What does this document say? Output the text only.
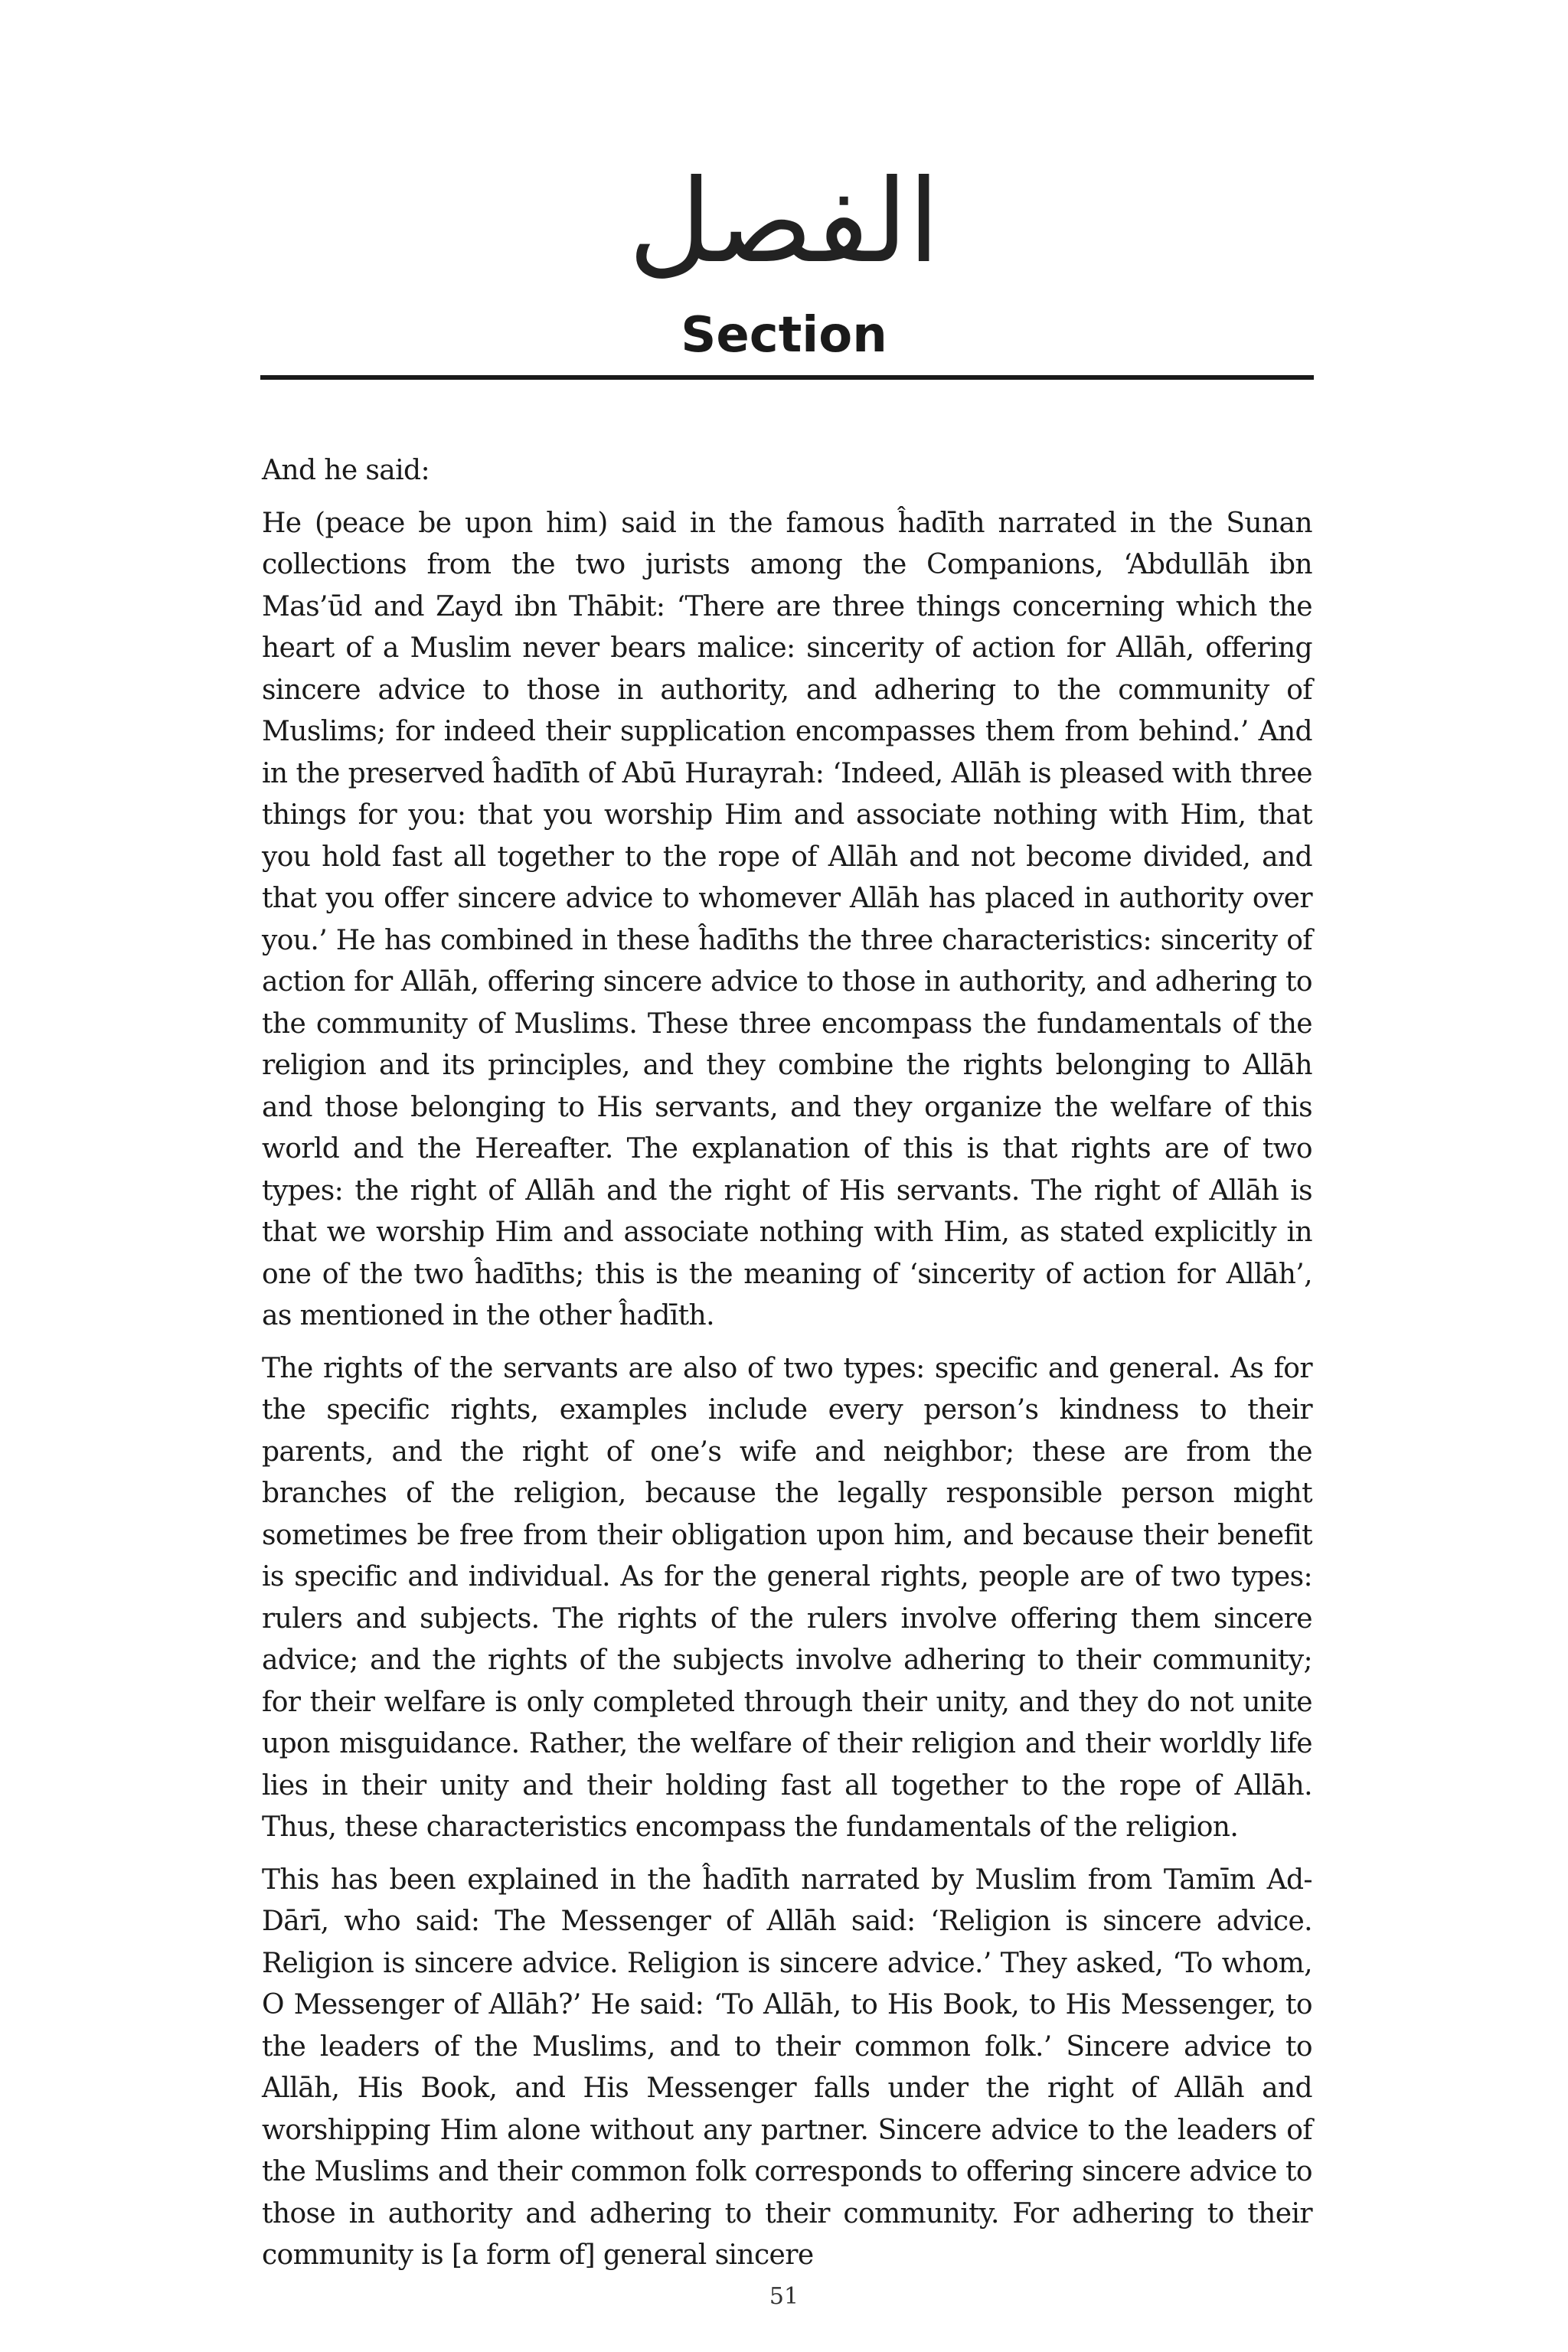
الفصل
Section

And he said:

He (peace be upon him) said in the famous ĥadīth narrated in the Sunan collections from the two jurists among the Companions, ‘Abdullāh ibn Mas’ūd and Zayd ibn Thābit: ‘There are three things concerning which the heart of a Muslim never bears malice: sincerity of action for Allāh, offering sincere advice to those in authority, and adhering to the community of Muslims; for indeed their supplication encompasses them from behind.’ And in the preserved ĥadīth of Abū Hurayrah: ‘Indeed, Allāh is pleased with three things for you: that you worship Him and associate nothing with Him, that you hold fast all together to the rope of Allāh and not become divided, and that you offer sincere advice to whomever Allāh has placed in authority over you.’ He has combined in these ĥadīths the three characteristics: sincerity of action for Allāh, offering sincere advice to those in authority, and adhering to the community of Muslims. These three encompass the fundamentals of the religion and its principles, and they combine the rights belonging to Allāh and those belonging to His servants, and they organize the welfare of this world and the Hereafter. The explanation of this is that rights are of two types: the right of Allāh and the right of His servants. The right of Allāh is that we worship Him and associate nothing with Him, as stated explicitly in one of the two ĥadīths; this is the meaning of ‘sincerity of action for Allāh’, as mentioned in the other ĥadīth.

The rights of the servants are also of two types: specific and general. As for the specific rights, examples include every person’s kindness to their parents, and the right of one’s wife and neighbor; these are from the branches of the religion, because the legally responsible person might sometimes be free from their obligation upon him, and because their benefit is specific and individual. As for the general rights, people are of two types: rulers and subjects. The rights of the rulers involve offering them sincere advice; and the rights of the subjects involve adhering to their community; for their welfare is only completed through their unity, and they do not unite upon misguidance. Rather, the welfare of their religion and their worldly life lies in their unity and their holding fast all together to the rope of Allāh. Thus, these characteristics encompass the fundamentals of the religion.

This has been explained in the ĥadīth narrated by Muslim from Tamīm Ad-Dārī, who said: The Messenger of Allāh said: ‘Religion is sincere advice. Religion is sincere advice. Religion is sincere advice.’ They asked, ‘To whom, O Messenger of Allāh?’ He said: ‘To Allāh, to His Book, to His Messenger, to the leaders of the Muslims, and to their common folk.’ Sincere advice to Allāh, His Book, and His Messenger falls under the right of Allāh and worshipping Him alone without any partner. Sincere advice to the leaders of the Muslims and their common folk corresponds to offering sincere advice to those in authority and adhering to their community. For adhering to their community is [a form of] general sincere

51
